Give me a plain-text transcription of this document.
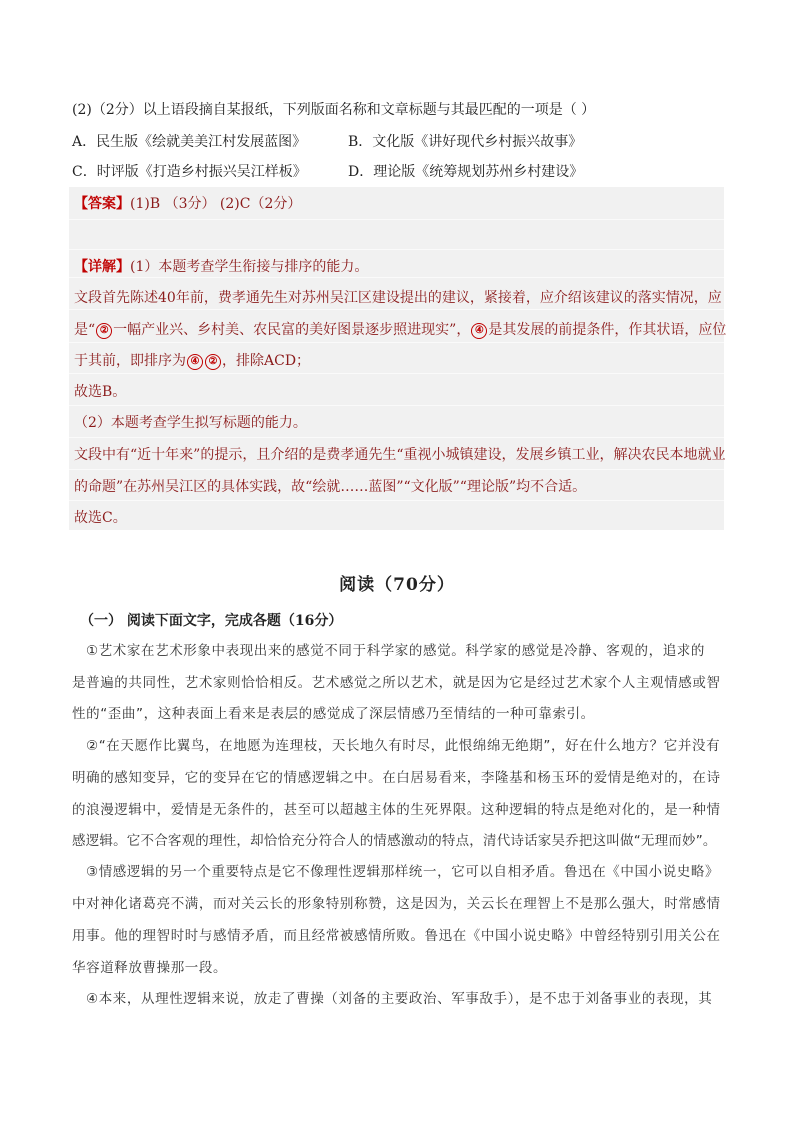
(2)（2分）以上语段摘自某报纸，下列版面名称和文章标题与其最匹配的一项是（ ）
A．民生版《绘就美美江村发展蓝图》	B．文化版《讲好现代乡村振兴故事》
C．时评版《打造乡村振兴吴江样板》	D．理论版《统筹规划苏州乡村建设》
【答案】(1)B （3分） (2)C（2分）
【详解】(1）本题考查学生衔接与排序的能力。
文段首先陈述40年前，费孝通先生对苏州吴江区建设提出的建议，紧接着，应介绍该建议的落实情况，应
是“ ② 一幅产业兴、乡村美、农民富的美好图景逐步照进现实”， ④ 是其发展的前提条件，作其状语，应位
于其前，即排序为 ④ ② ，排除ACD；
故选B。
（2）本题考查学生拟写标题的能力。
文段中有“近十年来”的提示，且介绍的是费孝通先生“重视小城镇建设，发展乡镇工业，解决农民本地就业
的命题”在苏州吴江区的具体实践，故“绘就……蓝图”“文化版”“理论版”均不合适。
故选C。
阅读（70分）
（一） 阅读下面文字，完成各题（16分）
①艺术家在艺术形象中表现出来的感觉不同于科学家的感觉。科学家的感觉是冷静、客观的，追求的
是普遍的共同性，艺术家则恰恰相反。艺术感觉之所以艺术，就是因为它是经过艺术家个人主观情感或智
性的“歪曲”，这种表面上看来是表层的感觉成了深层情感乃至情结的一种可靠索引。
②“在天愿作比翼鸟，在地愿为连理枝，天长地久有时尽，此恨绵绵无绝期”，好在什么地方？它并没有
明确的感知变异，它的变异在它的情感逻辑之中。在白居易看来，李隆基和杨玉环的爱情是绝对的，在诗
的浪漫逻辑中，爱情是无条件的，甚至可以超越主体的生死界限。这种逻辑的特点是绝对化的，是一种情
感逻辑。它不合客观的理性，却恰恰充分符合人的情感激动的特点，清代诗话家吴乔把这叫做“无理而妙”。
③情感逻辑的另一个重要特点是它不像理性逻辑那样统一，它可以自相矛盾。鲁迅在《中国小说史略》
中对神化诸葛亮不满，而对关云长的形象特别称赞，这是因为，关云长在理智上不是那么强大，时常感情
用事。他的理智时时与感情矛盾，而且经常被感情所败。鲁迅在《中国小说史略》中曾经特别引用关公在
华容道释放曹操那一段。
④本来，从理性逻辑来说，放走了曹操（刘备的主要政治、军事敌手），是不忠于刘备事业的表现，其
